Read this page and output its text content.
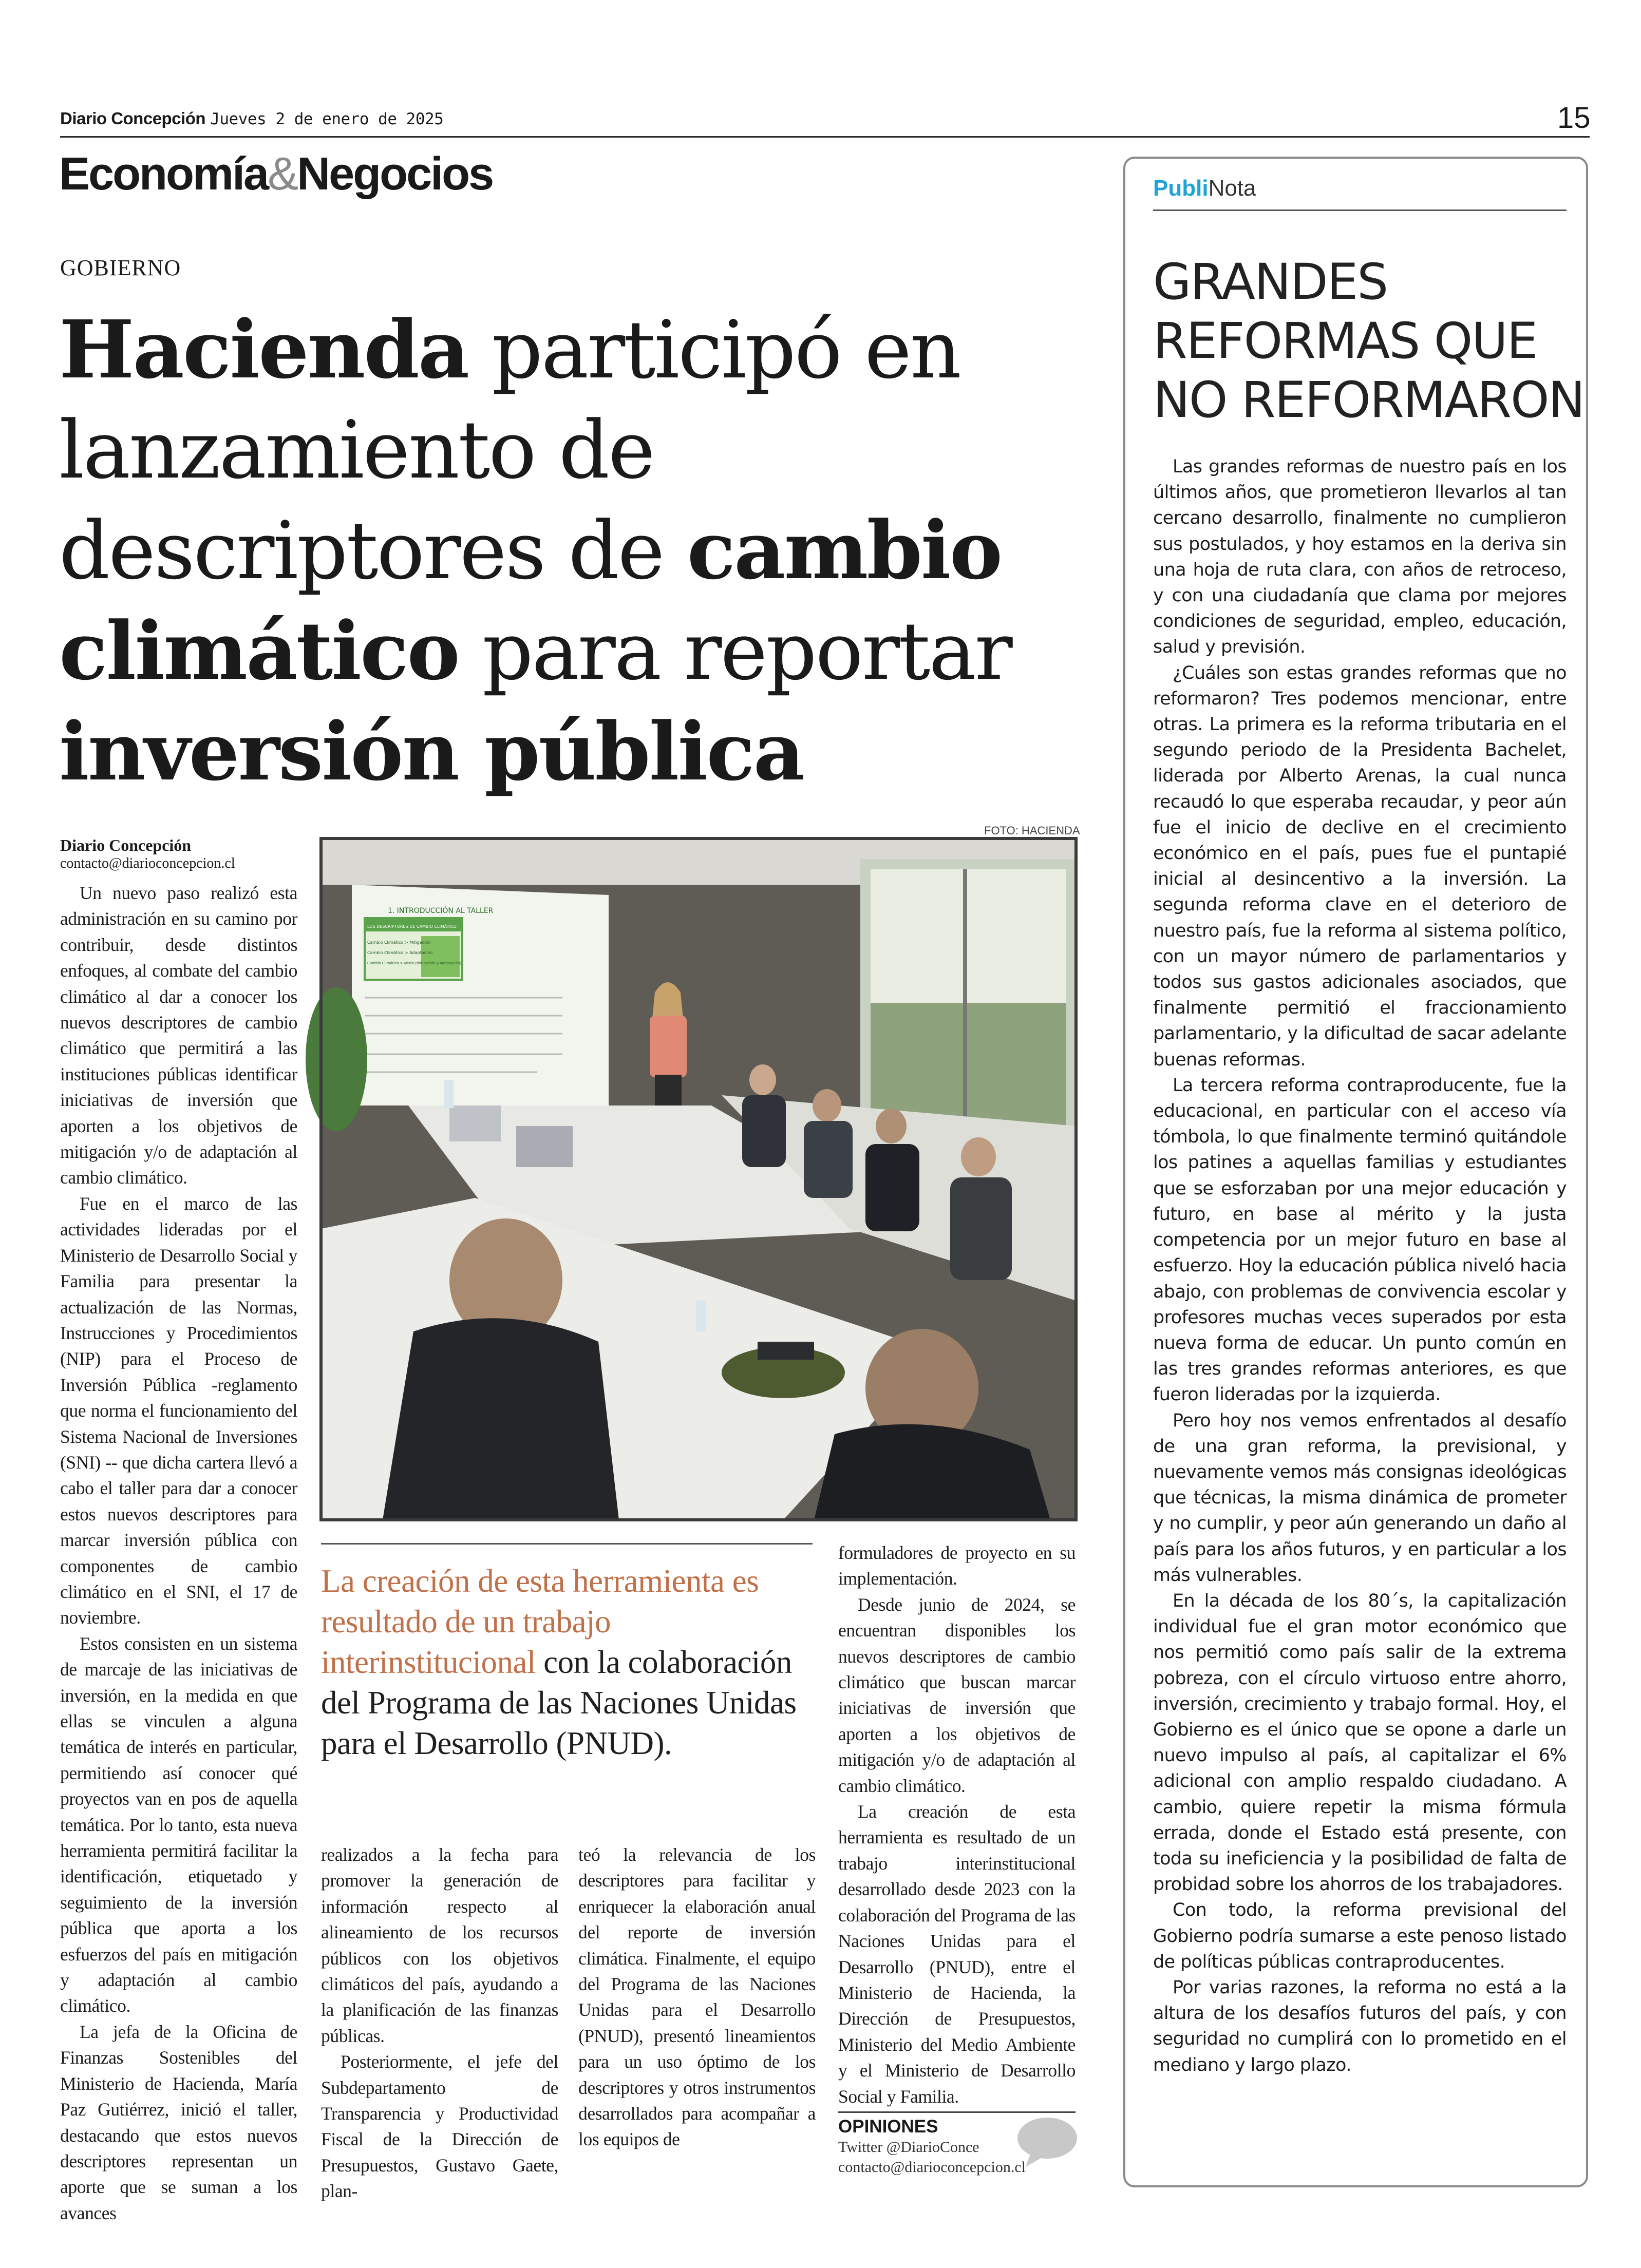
Diario Concepción Jueves 2 de enero de 2025	15
Economía&Negocios
GOBIERNO
Hacienda participó en lanzamiento de descriptores de cambio climático para reportar inversión pública
Diario Concepción
contacto@diarioconcepcion.cl
FOTO: HACIENDA
1. INTRODUCCIÓN AL TALLER
LOS DESCRIPTORES DE CAMBIO CLIMÁTICO
Cambio Climático > Mitigación
Cambio Climático > Adaptación
Cambio Climático > Mixto (mitigación y adaptación)

Un nuevo paso realizó esta administración en su camino por contribuir, desde distintos enfoques, al combate del cambio climático al dar a conocer los nuevos descriptores de cambio climático que permitirá a las instituciones públicas identificar iniciativas de inversión que aporten a los objetivos de mitigación y/o de adaptación al cambio climático.

Fue en el marco de las actividades lideradas por el Ministerio de Desarrollo Social y Familia para presentar la actualización de las Normas, Instrucciones y Procedimientos (NIP) para el Proceso de Inversión Pública -reglamento que norma el funcionamiento del Sistema Nacional de Inversiones (SNI) -- que dicha cartera llevó a cabo el taller para dar a conocer estos nuevos descriptores para marcar inversión pública con componentes de cambio climático en el SNI, el 17 de noviembre.

Estos consisten en un sistema de marcaje de las iniciativas de inversión, en la medida en que ellas se vinculen a alguna temática de interés en particular, permitiendo así conocer qué proyectos van en pos de aquella temática. Por lo tanto, esta nueva herramienta permitirá facilitar la identificación, etiquetado y seguimiento de la inversión pública que aporta a los esfuerzos del país en mitigación y adaptación al cambio climático.

La jefa de la Oficina de Finanzas Sostenibles del Ministerio de Hacienda, María Paz Gutiérrez, inició el taller, destacando que estos nuevos descriptores representan un aporte que se suman a los avances

La creación de esta herramienta es resultado de un trabajo interinstitucional con la colaboración del Programa de las Naciones Unidas para el Desarrollo (PNUD).

realizados a la fecha para promover la generación de información respecto al alineamiento de los recursos públicos con los objetivos climáticos del país, ayudando a la planificación de las finanzas públicas.

Posteriormente, el jefe del Subdepartamento de Transparencia y Productividad Fiscal de la Dirección de Presupuestos, Gustavo Gaete, plan-

teó la relevancia de los descriptores para facilitar y enriquecer la elaboración anual del reporte de inversión climática. Finalmente, el equipo del Programa de las Naciones Unidas para el Desarrollo (PNUD), presentó lineamientos para un uso óptimo de los descriptores y otros instrumentos desarrollados para acompañar a los equipos de

formuladores de proyecto en su implementación.

Desde junio de 2024, se encuentran disponibles los nuevos descriptores de cambio climático que buscan marcar iniciativas de inversión que aporten a los objetivos de mitigación y/o de adaptación al cambio climático.

La creación de esta herramienta es resultado de un trabajo interinstitucional desarrollado desde 2023 con la colaboración del Programa de las Naciones Unidas para el Desarrollo (PNUD), entre el Ministerio de Hacienda, la Dirección de Presupuestos, Ministerio del Medio Ambiente y el Ministerio de Desarrollo Social y Familia.

OPINIONES
Twitter @DiarioConce
contacto@diarioconcepcion.cl
PubliNota
GRANDES
REFORMAS QUE
NO REFORMARON

Las grandes reformas de nuestro país en los últimos años, que prometieron llevarlos al tan cercano desarrollo, finalmente no cumplieron sus postulados, y hoy estamos en la deriva sin una hoja de ruta clara, con años de retroceso, y con una ciudadanía que clama por mejores condiciones de seguridad, empleo, educación, salud y previsión.

¿Cuáles son estas grandes reformas que no reformaron? Tres podemos mencionar, entre otras. La primera es la reforma tributaria en el segundo periodo de la Presidenta Bachelet, liderada por Alberto Arenas, la cual nunca recaudó lo que esperaba recaudar, y peor aún fue el inicio de declive en el crecimiento económico en el país, pues fue el puntapié inicial al desincentivo a la inversión. La segunda reforma clave en el deterioro de nuestro país, fue la reforma al sistema político, con un mayor número de parlamentarios y todos sus gastos adicionales asociados, que finalmente permitió el fraccionamiento parlamentario, y la dificultad de sacar adelante buenas reformas.

La tercera reforma contraproducente, fue la educacional, en particular con el acceso vía tómbola, lo que finalmente terminó quitándole los patines a aquellas familias y estudiantes que se esforzaban por una mejor educación y futuro, en base al mérito y la justa competencia por un mejor futuro en base al esfuerzo. Hoy la educación pública niveló hacia abajo, con problemas de convivencia escolar y profesores muchas veces superados por esta nueva forma de educar. Un punto común en las tres grandes reformas anteriores, es que fueron lideradas por la izquierda.

Pero hoy nos vemos enfrentados al desafío de una gran reforma, la previsional, y nuevamente vemos más consignas ideológicas que técnicas, la misma dinámica de prometer y no cumplir, y peor aún generando un daño al país para los años futuros, y en particular a los más vulnerables.

En la década de los 80´s, la capitalización individual fue el gran motor económico que nos permitió como país salir de la extrema pobreza, con el círculo virtuoso entre ahorro, inversión, crecimiento y trabajo formal. Hoy, el Gobierno es el único que se opone a darle un nuevo impulso al país, al capitalizar el 6% adicional con amplio respaldo ciudadano. A cambio, quiere repetir la misma fórmula errada, donde el Estado está presente, con toda su ineficiencia y la posibilidad de falta de probidad sobre los ahorros de los trabajadores.

Con todo, la reforma previsional del Gobierno podría sumarse a este penoso listado de políticas públicas contraproducentes.

Por varias razones, la reforma no está a la altura de los desafíos futuros del país, y con seguridad no cumplirá con lo prometido en el mediano y largo plazo.
